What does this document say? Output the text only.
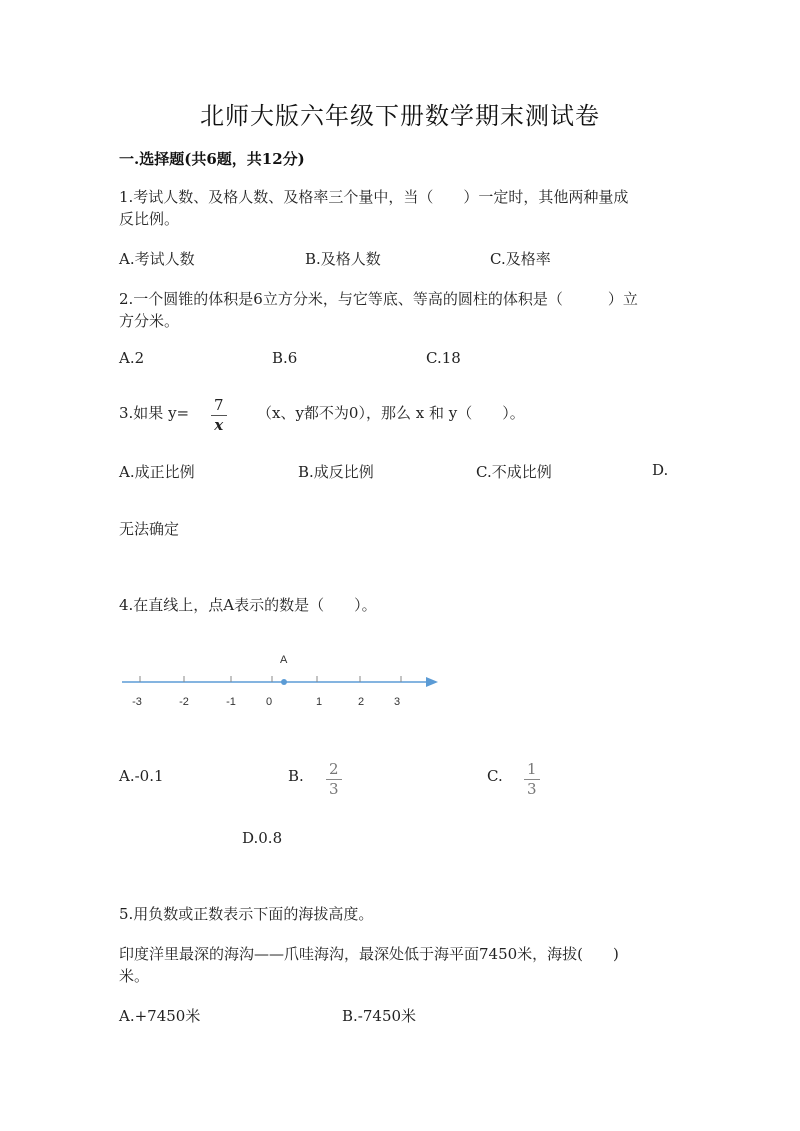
北师大版六年级下册数学期末测试卷
一.选择题(共6题，共12分)
1.考试人数、及格人数、及格率三个量中，当（　　）一定时，其他两种量成
反比例。
A.考试人数	B.及格人数	C.及格率
2.一个圆锥的体积是6立方分米，与它等底、等高的圆柱的体积是（　　　）立
方分米。
A.2	B.6	C.18
3.如果 $y= \frac{7}{x} (x$、y都不为0），那么 x 和 y（　　）。
A.成正比例	B.成反比例	C.不成比例	D.
无法确定
4.在直线上，点A表示的数是（　　）。
-3	-2	-1	0	1	2	3
A
A.-0.1	B. $\frac{2}{3}$	C. $\frac{1}{3}$
D.0.8
5.用负数或正数表示下面的海拔高度。
印度洋里最深的海沟——爪哇海沟，最深处低于海平面7450米，海拔(　　)
米。
A.+7450米	B.-7450米
